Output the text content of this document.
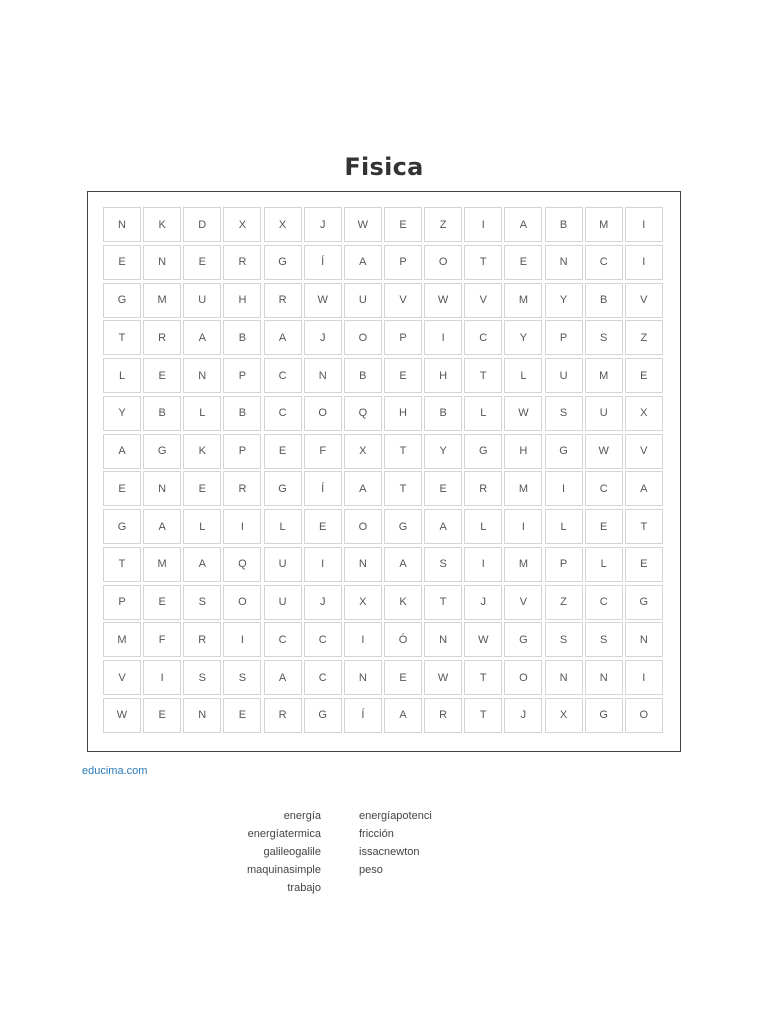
Fisica
N	K	D	X	X	J	W	E	Z	I	A	B	M	I
E	N	E	R	G	Í	A	P	O	T	E	N	C	I
G	M	U	H	R	W	U	V	W	V	M	Y	B	V
T	R	A	B	A	J	O	P	I	C	Y	P	S	Z
L	E	N	P	C	N	B	E	H	T	L	U	M	E
Y	B	L	B	C	O	Q	H	B	L	W	S	U	X
A	G	K	P	E	F	X	T	Y	G	H	G	W	V
E	N	E	R	G	Í	A	T	E	R	M	I	C	A
G	A	L	I	L	E	O	G	A	L	I	L	E	T
T	M	A	Q	U	I	N	A	S	I	M	P	L	E
P	E	S	O	U	J	X	K	T	J	V	Z	C	G
M	F	R	I	C	C	I	Ó	N	W	G	S	S	N
V	I	S	S	A	C	N	E	W	T	O	N	N	I
W	E	N	E	R	G	Í	A	R	T	J	X	G	O
educima.com
energía
energíatermica
galileogalile
maquinasimple
trabajo
energíapotenci
fricción
issacnewton
peso
